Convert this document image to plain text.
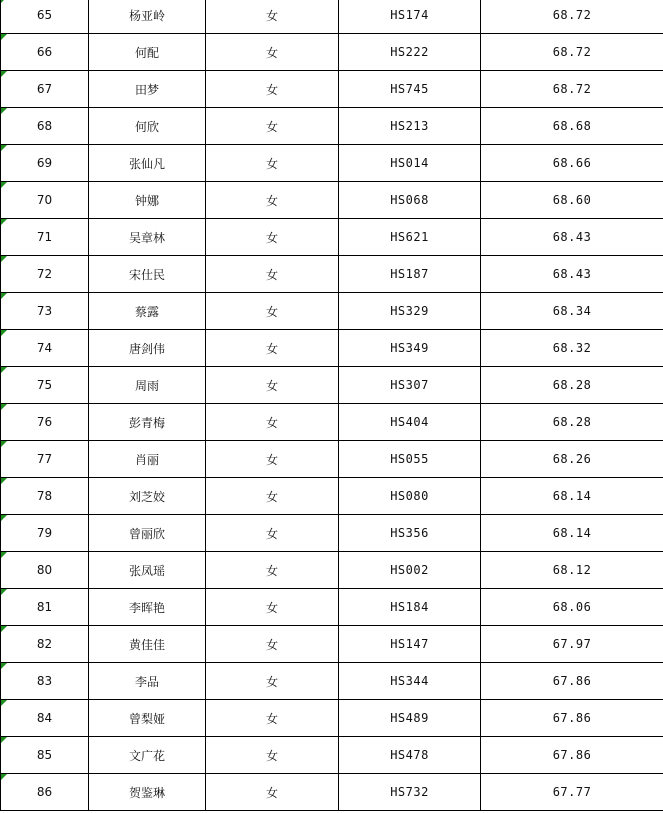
65	杨亚岭	女	HS174	68.72
66	何配	女	HS222	68.72
67	田梦	女	HS745	68.72
68	何欣	女	HS213	68.68
69	张仙凡	女	HS014	68.66
70	钟娜	女	HS068	68.60
71	吴章林	女	HS621	68.43
72	宋仕民	女	HS187	68.43
73	蔡露	女	HS329	68.34
74	唐剑伟	女	HS349	68.32
75	周雨	女	HS307	68.28
76	彭青梅	女	HS404	68.28
77	肖丽	女	HS055	68.26
78	刘芝姣	女	HS080	68.14
79	曾丽欣	女	HS356	68.14
80	张凤瑶	女	HS002	68.12
81	李晖艳	女	HS184	68.06
82	黄佳佳	女	HS147	67.97
83	李品	女	HS344	67.86
84	曾梨娅	女	HS489	67.86
85	文广花	女	HS478	67.86
86	贺鉴琳	女	HS732	67.77
